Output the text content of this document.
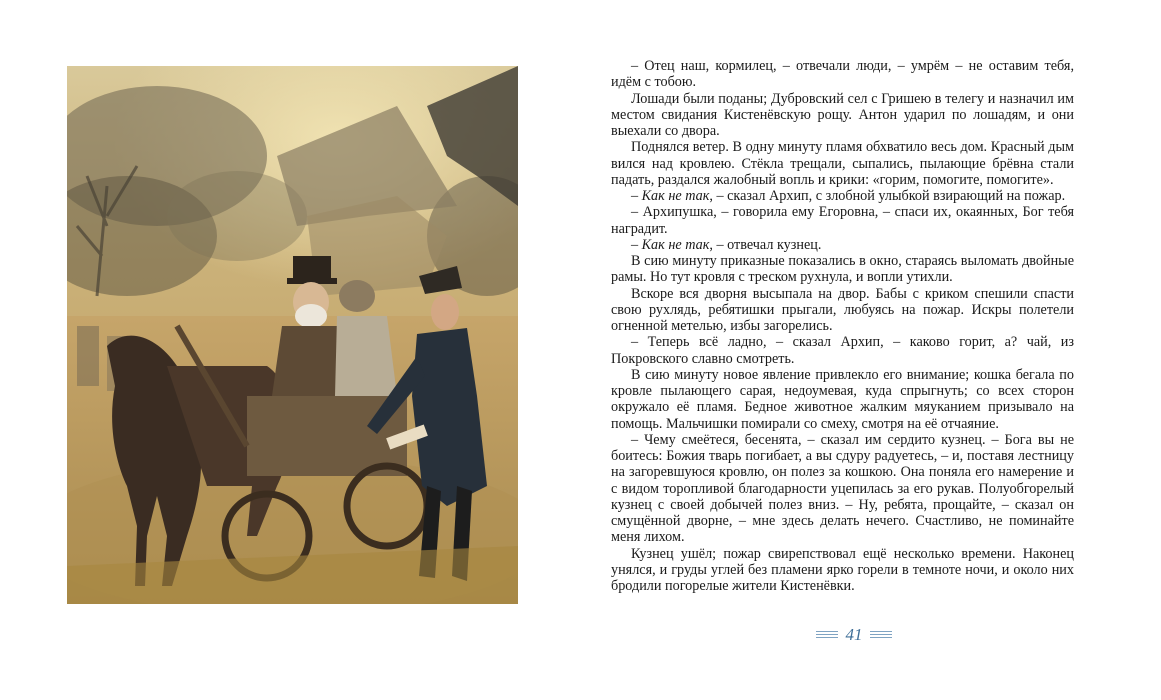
– Отец наш, кормилец, – отвечали люди, – умрём – не оставим тебя, идём с тобою.

Лошади были поданы; Дубровский сел с Гришею в телегу и назначил им местом свидания Кистенёвскую рощу. Антон ударил по лошадям, и они выехали со двора.

Поднялся ветер. В одну минуту пламя обхватило весь дом. Красный дым вился над кровлею. Стёкла трещали, сыпались, пылающие брёвна стали падать, раздался жалобный вопль и крики: «горим, помогите, помогите».

– Как не так, – сказал Архип, с злобной улыбкой взирающий на пожар.

– Архипушка, – говорила ему Егоровна, – спаси их, окаянных, Бог тебя наградит.

– Как не так, – отвечал кузнец.

В сию минуту приказные показались в окно, стараясь выломать двойные рамы. Но тут кровля с треском рухнула, и вопли утихли.

Вскоре вся дворня высыпала на двор. Бабы с криком спешили спасти свою рухлядь, ребятишки прыгали, любуясь на пожар. Искры полетели огненной метелью, избы загорелись.

– Теперь всё ладно, – сказал Архип, – каково горит, а? чай, из Покровского славно смотреть.

В сию минуту новое явление привлекло его внимание; кошка бегала по кровле пылающего сарая, недоумевая, куда спрыгнуть; со всех сторон окружало её пламя. Бедное животное жалким мяуканием призывало на помощь. Мальчишки помирали со смеху, смотря на её отчаяние.

– Чему смеётеся, бесенята, – сказал им сердито кузнец. – Бога вы не боитесь: Божия тварь погибает, а вы сдуру радуетесь, – и, поставя лестницу на загоревшуюся кровлю, он полез за кошкою. Она поняла его намерение и с видом торопливой благодарности уцепилась за его рукав. Полуобгорелый кузнец с своей добычей полез вниз. – Ну, ребята, прощайте, – сказал он смущённой дворне, – мне здесь делать нечего. Счастливо, не поминайте меня лихом.

Кузнец ушёл; пожар свирепствовал ещё несколько времени. Наконец унялся, и груды углей без пламени ярко горели в темноте ночи, и около них бродили погорелые жители Кистенёвки.

41
